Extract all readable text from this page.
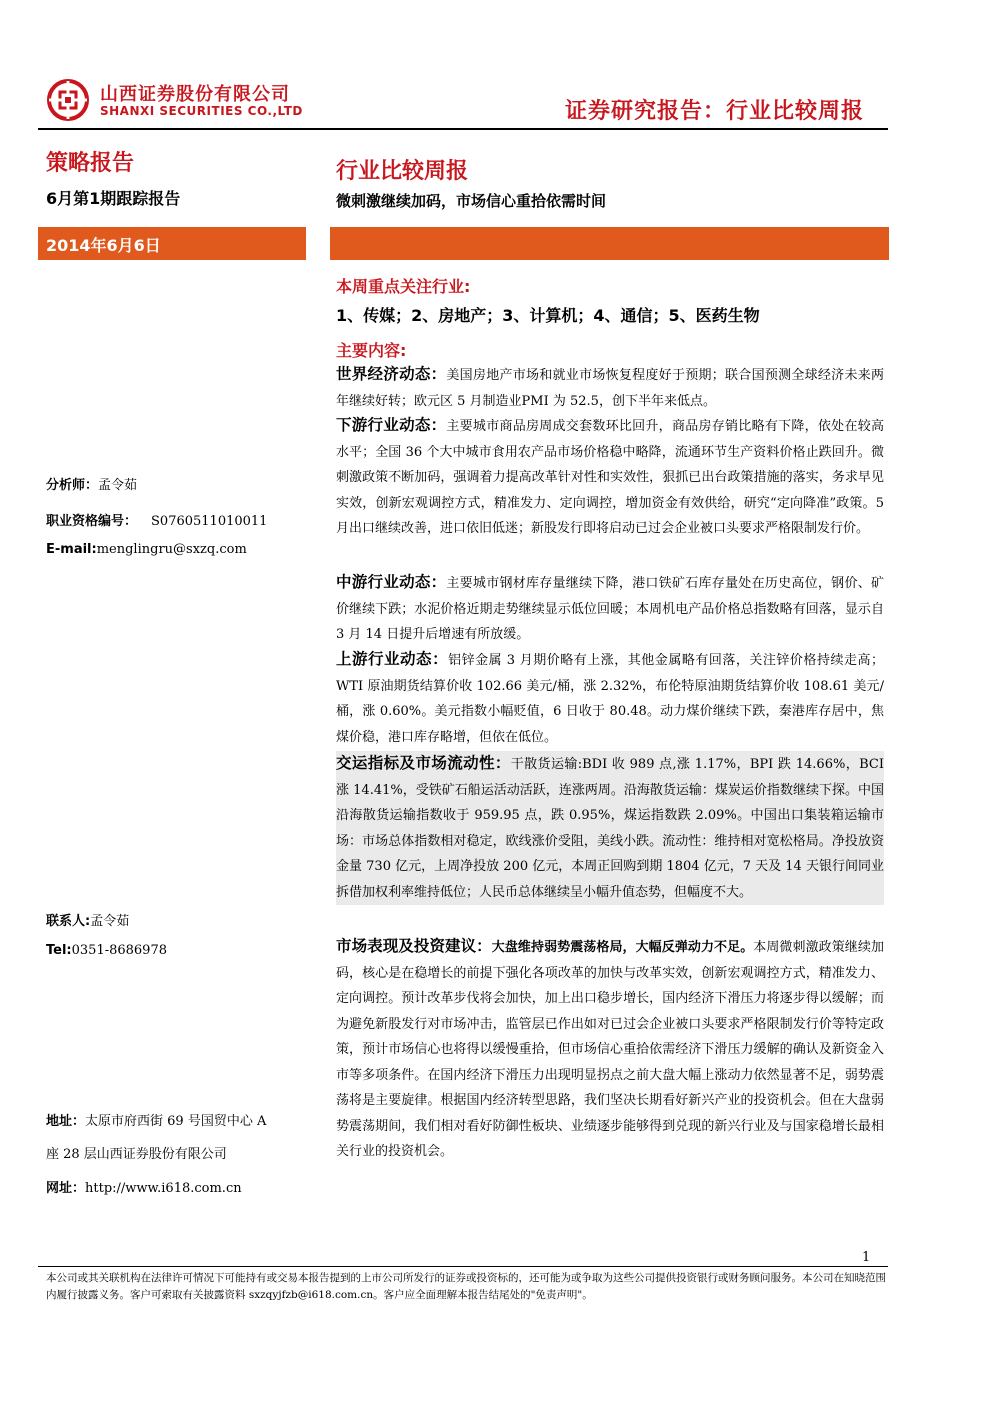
山西证券股份有限公司
SHANXI SECURITIES CO.,LTD	证券研究报告：行业比较周报
策略报告
6月第1期跟踪报告
2014年6月6日
分析师：孟令茹
职业资格编号： S0760511010011
E-mail:menglingru@sxzq.com
联系人:孟令茹
Tel:0351-8686978
地址：太原市府西街 69 号国贸中心 A
座 28 层山西证券股份有限公司
网址：http://www.i618.com.cn
行业比较周报
微刺激继续加码，市场信心重拾依需时间
本周重点关注行业:
1、传媒；2、房地产；3、计算机；4、通信；5、医药生物
主要内容:
世界经济动态：美国房地产市场和就业市场恢复程度好于预期；联合国预测全球经济未来两年继续好转；欧元区 5 月制造业PMI 为 52.5，创下半年来低点。
下游行业动态：主要城市商品房周成交套数环比回升，商品房存销比略有下降，依处在较高水平；全国 36 个大中城市食用农产品市场价格稳中略降，流通环节生产资料价格止跌回升。微刺激政策不断加码，强调着力提高改革针对性和实效性，狠抓已出台政策措施的落实，务求早见实效，创新宏观调控方式，精准发力、定向调控，增加资金有效供给，研究“定向降准”政策。5 月出口继续改善，进口依旧低迷；新股发行即将启动已过会企业被口头要求严格限制发行价。
中游行业动态：主要城市钢材库存量继续下降，港口铁矿石库存量处在历史高位，钢价、矿价继续下跌；水泥价格近期走势继续显示低位回暖；本周机电产品价格总指数略有回落，显示自 3 月 14 日提升后增速有所放缓。
上游行业动态：铝锌金属 3 月期价略有上涨，其他金属略有回落，关注锌价格持续走高； WTI 原油期货结算价收 102.66 美元/桶，涨 2.32%，布伦特原油期货结算价收 108.61 美元/桶，涨 0.60%。美元指数小幅贬值，6 日收于 80.48。动力煤价继续下跌，秦港库存居中，焦煤价稳，港口库存略增，但依在低位。
交运指标及市场流动性：干散货运输:BDI 收 989 点,涨 1.17%，BPI 跌 14.66%，BCI 涨 14.41%，受铁矿石船运活动活跃，连涨两周。沿海散货运输：煤炭运价指数继续下探。中国沿海散货运输指数收于 959.95 点，跌 0.95%，煤运指数跌 2.09%。中国出口集装箱运输市场：市场总体指数相对稳定，欧线涨价受阻，美线小跌。流动性：维持相对宽松格局。净投放资金量 730 亿元，上周净投放 200 亿元，本周正回购到期 1804 亿元，7 天及 14 天银行间同业拆借加权利率维持低位；人民币总体继续呈小幅升值态势，但幅度不大。
市场表现及投资建议：大盘维持弱势震荡格局，大幅反弹动力不足。本周微刺激政策继续加码，核心是在稳增长的前提下强化各项改革的加快与改革实效，创新宏观调控方式，精准发力、定向调控。预计改革步伐将会加快，加上出口稳步增长，国内经济下滑压力将逐步得以缓解；而为避免新股发行对市场冲击，监管层已作出如对已过会企业被口头要求严格限制发行价等特定政策，预计市场信心也将得以缓慢重拾，但市场信心重拾依需经济下滑压力缓解的确认及新资金入市等多项条件。在国内经济下滑压力出现明显拐点之前大盘大幅上涨动力依然显著不足，弱势震荡将是主要旋律。根据国内经济转型思路，我们坚决长期看好新兴产业的投资机会。但在大盘弱势震荡期间，我们相对看好防御性板块、业绩逐步能够得到兑现的新兴行业及与国家稳增长最相关行业的投资机会。
1
本公司或其关联机构在法律许可情况下可能持有或交易本报告提到的上市公司所发行的证券或投资标的，还可能为或争取为这些公司提供投资银行或财务顾问服务。本公司在知晓范围内履行披露义务。客户可索取有关披露资料 sxzqyjfzb@i618.com.cn。客户应全面理解本报告结尾处的"免责声明"。
